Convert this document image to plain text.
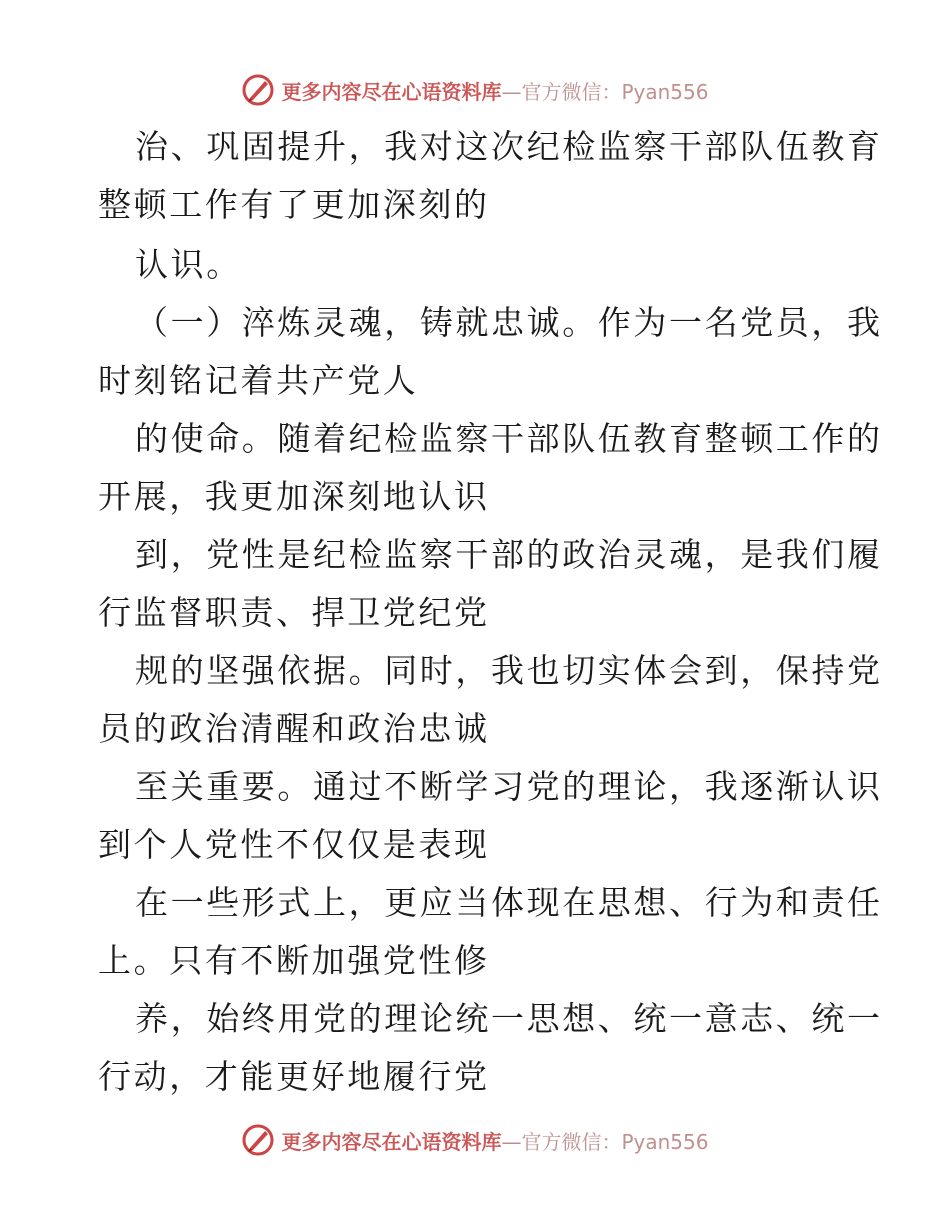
更多内容尽在心语资料库—官方微信：Pyan556
治、巩固提升，我对这次纪检监察干部队伍教育
整顿工作有了更加深刻的
认识。
（一）淬炼灵魂，铸就忠诚。作为一名党员，我
时刻铭记着共产党人
的使命。随着纪检监察干部队伍教育整顿工作的
开展，我更加深刻地认识
到，党性是纪检监察干部的政治灵魂，是我们履
行监督职责、捍卫党纪党
规的坚强依据。同时，我也切实体会到，保持党
员的政治清醒和政治忠诚
至关重要。通过不断学习党的理论，我逐渐认识
到个人党性不仅仅是表现
在一些形式上，更应当体现在思想、行为和责任
上。只有不断加强党性修
养，始终用党的理论统一思想、统一意志、统一
行动，才能更好地履行党
更多内容尽在心语资料库—官方微信：Pyan556
